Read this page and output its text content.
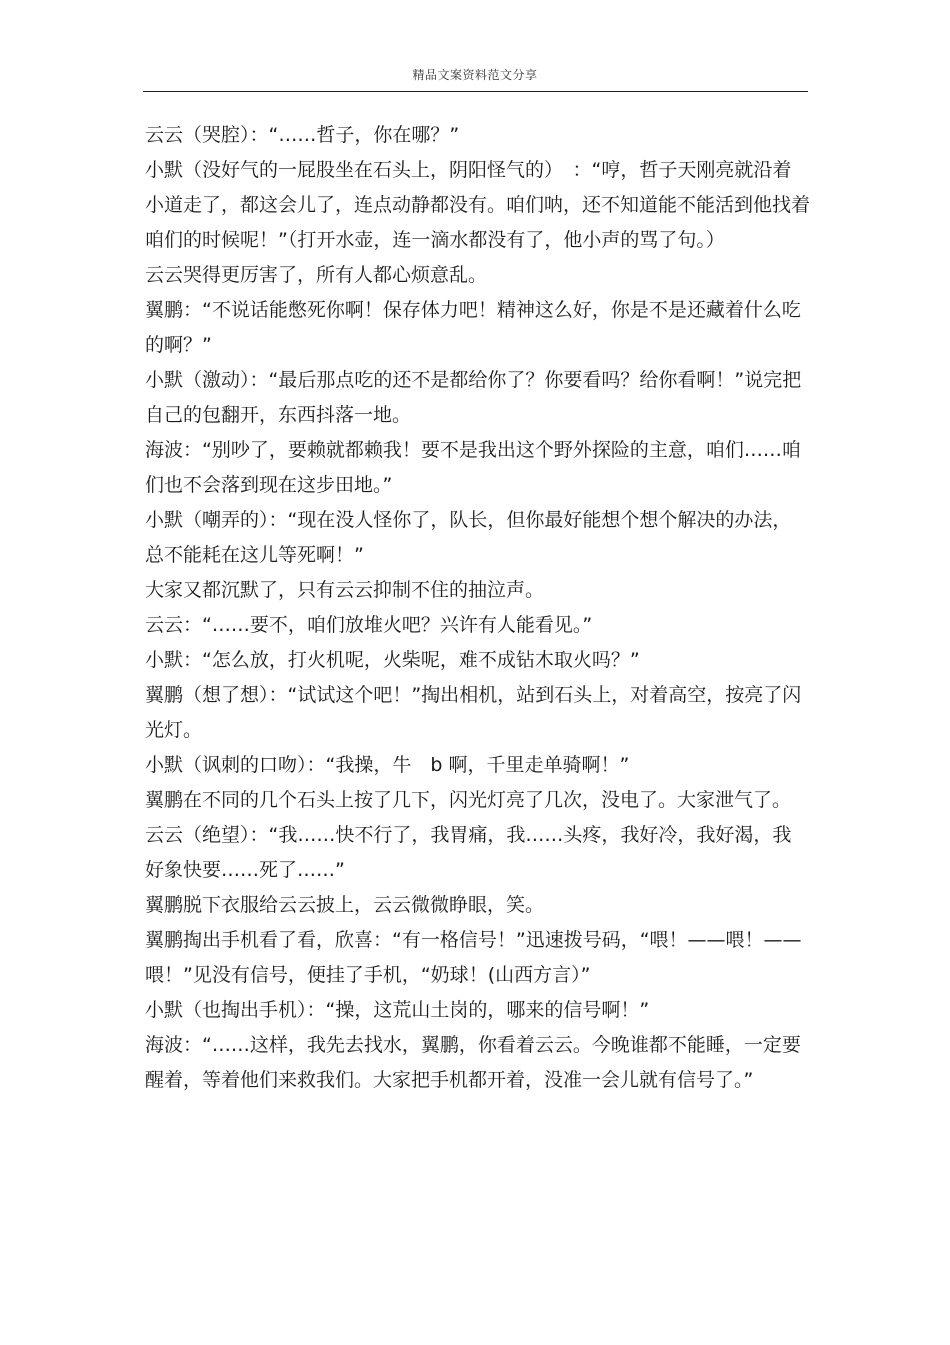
精品文案资料范文分享

云云（哭腔）：“……哲子，你在哪？”

小默（没好气的一屁股坐在石头上，阴阳怪气的）　：“哼，哲子天刚亮就沿着小道走了，都这会儿了，连点动静都没有。咱们呐，还不知道能不能活到他找着咱们的时候呢！”（打开水壶，连一滴水都没有了，他小声的骂了句。）

云云哭得更厉害了，所有人都心烦意乱。

翼鹏：“不说话能憋死你啊！保存体力吧！精神这么好，你是不是还藏着什么吃的啊？”

小默（激动）：“最后那点吃的还不是都给你了？你要看吗？给你看啊！”说完把自己的包翻开，东西抖落一地。

海波：“别吵了，要赖就都赖我！要不是我出这个野外探险的主意，咱们……咱们也不会落到现在这步田地。”

小默（嘲弄的）：“现在没人怪你了，队长，但你最好能想个想个解决的办法，总不能耗在这儿等死啊！”

大家又都沉默了，只有云云抑制不住的抽泣声。

云云：“……要不，咱们放堆火吧？兴许有人能看见。”

小默：“怎么放，打火机呢，火柴呢，难不成钻木取火吗？”

翼鹏（想了想）：“试试这个吧！”掏出相机，站到石头上，对着高空，按亮了闪光灯。

小默（讽刺的口吻）：“我操，牛　b 啊，千里走单骑啊！”

翼鹏在不同的几个石头上按了几下，闪光灯亮了几次，没电了。大家泄气了。

云云（绝望）：“我……快不行了，我胃痛，我……头疼，我好冷，我好渴，我好象快要……死了……”

翼鹏脱下衣服给云云披上，云云微微睁眼，笑。

翼鹏掏出手机看了看，欣喜：“有一格信号！”迅速拨号码，“喂！——喂！——喂！”见没有信号，便挂了手机，“奶球！(山西方言）”

小默（也掏出手机）：“操，这荒山土岗的，哪来的信号啊！”

海波：“……这样，我先去找水，翼鹏，你看着云云。今晚谁都不能睡，一定要醒着，等着他们来救我们。大家把手机都开着，没准一会儿就有信号了。”
